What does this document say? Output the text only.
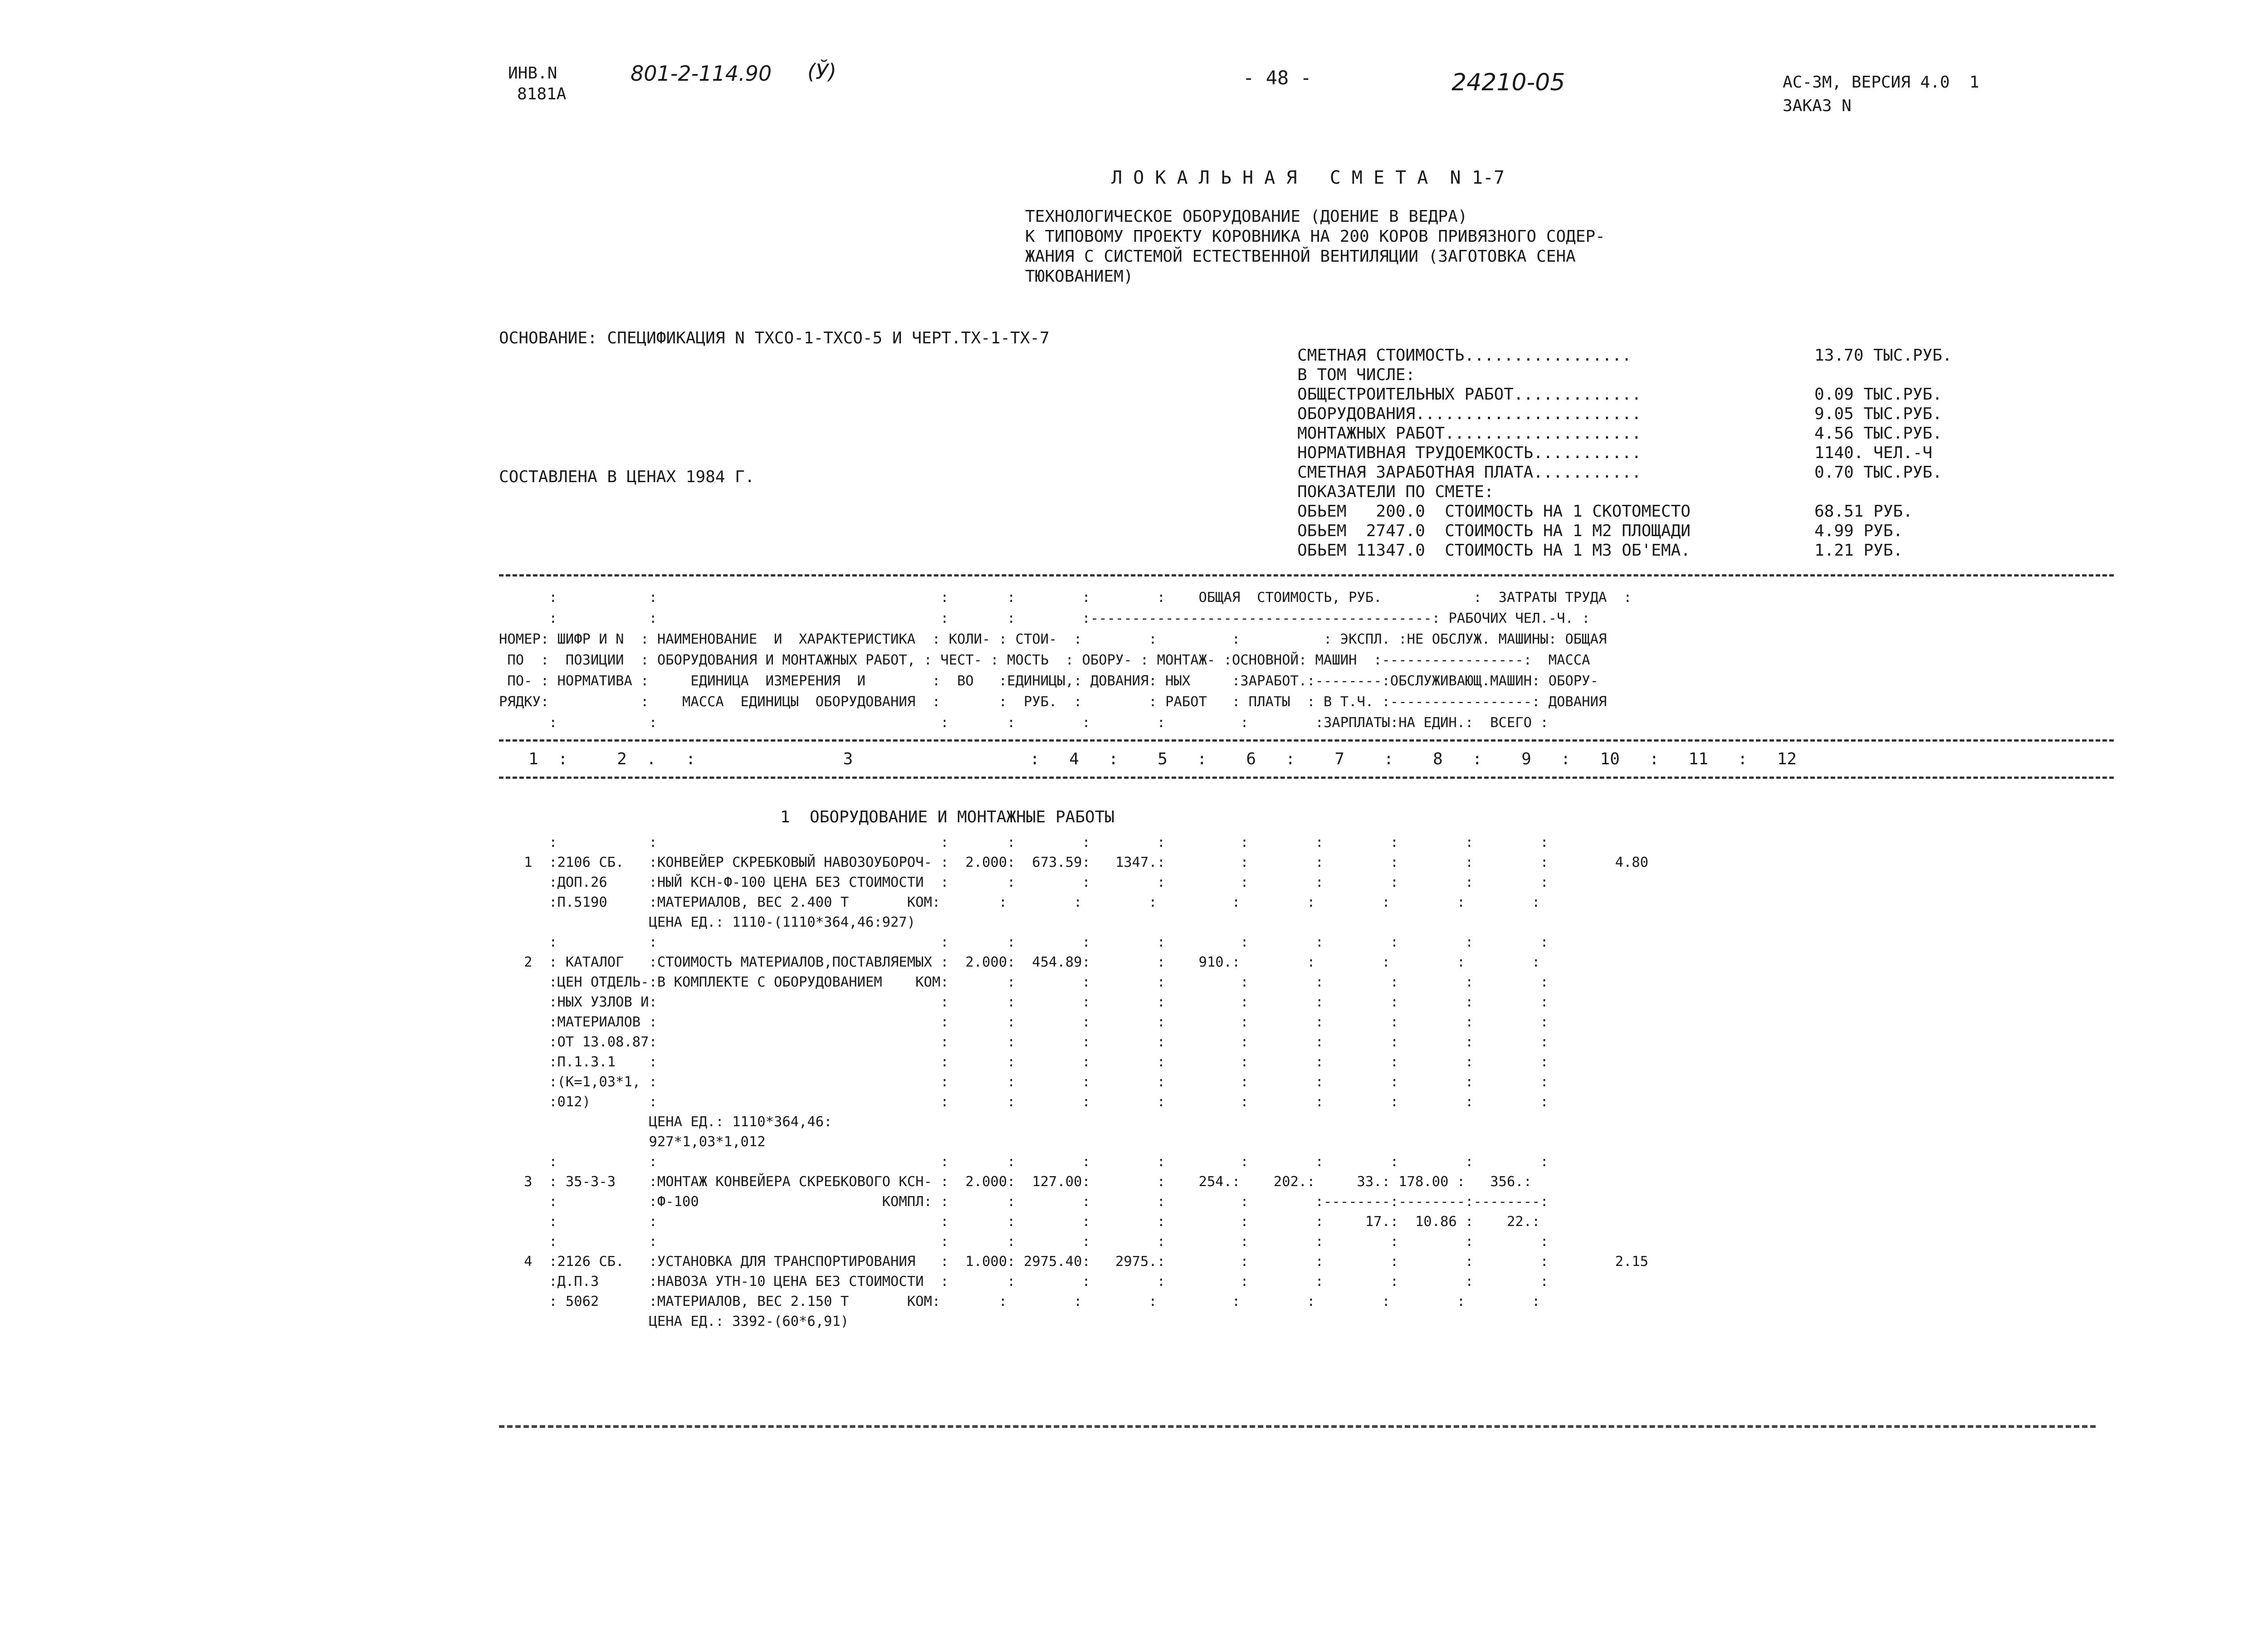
ИНВ.N
8181А
801-2-114.90 (Ў)	- 48 -	24210-05	АС-3М, ВЕРСИЯ 4.0  1
ЗАКАЗ N
Л О К А Л Ь Н А Я   С М Е Т А  N 1-7
ТЕХНОЛОГИЧЕСКОЕ ОБОРУДОВАНИЕ (ДОЕНИЕ В ВЕДРА)
К ТИПОВОМУ ПРОЕКТУ КОРОВНИКА НА 200 КОРОВ ПРИВЯЗНОГО СОДЕР-
ЖАНИЯ С СИСТЕМОЙ ЕСТЕСТВЕННОЙ ВЕНТИЛЯЦИИ (ЗАГОТОВКА СЕНА
ТЮКОВАНИЕМ)
ОСНОВАНИЕ: СПЕЦИФИКАЦИЯ N ТХСО-1-ТХСО-5 И ЧЕРТ.ТХ-1-ТХ-7
СОСТАВЛЕНА В ЦЕНАХ 1984 Г.
СМЕТНАЯ СТОИМОСТЬ.................	13.70 ТЫС.РУБ.
В ТОМ ЧИСЛЕ:
ОБЩЕСТРОИТЕЛЬНЫХ РАБОТ.............	0.09 ТЫС.РУБ.
ОБОРУДОВАНИЯ.......................	9.05 ТЫС.РУБ.
МОНТАЖНЫХ РАБОТ....................	4.56 ТЫС.РУБ.
НОРМАТИВНАЯ ТРУДОЕМКОСТЬ...........	1140. ЧЕЛ.-Ч
СМЕТНАЯ ЗАРАБОТНАЯ ПЛАТА...........	0.70 ТЫС.РУБ.
ПОКАЗАТЕЛИ ПО СМЕТЕ:
ОБЬЕМ   200.0  СТОИМОСТЬ НА 1 СКОТОМЕСТО	68.51 РУБ.
ОБЬЕМ  2747.0  СТОИМОСТЬ НА 1 М2 ПЛОЩАДИ	4.99 РУБ.
ОБЬЕМ 11347.0  СТОИМОСТЬ НА 1 М3 ОБ'ЕМА.	1.21 РУБ.
:           :                                  :       :        :        :    ОБЩАЯ  СТОИМОСТЬ, РУБ.           :  ЗАТРАТЫ ТРУДА  :
:           :                                  :       :        :-----------------------------------------: РАБОЧИХ ЧЕЛ.-Ч. :
НОМЕР: ШИФР И N  : НАИМЕНОВАНИЕ  И  ХАРАКТЕРИСТИКА  : КОЛИ- : СТОИ-  :        :         :          : ЭКСПЛ. :НЕ ОБСЛУЖ. МАШИНЫ: ОБЩАЯ
ПО  :  ПОЗИЦИИ  : ОБОРУДОВАНИЯ И МОНТАЖНЫХ РАБОТ, : ЧЕСТ- : МОСТЬ  : ОБОРУ- : МОНТАЖ- :ОСНОВНОЙ: МАШИН  :-----------------:  МАССА
ПО- : НОРМАТИВА :     ЕДИНИЦА  ИЗМЕРЕНИЯ  И        :  ВО   :ЕДИНИЦЫ,: ДОВАНИЯ: НЫХ     :ЗАРАБОТ.:--------:ОБСЛУЖИВАЮЩ.МАШИН: ОБОРУ-
РЯДКУ:           :    МАССА  ЕДИНИЦЫ  ОБОРУДОВАНИЯ  :       :  РУБ.  :        : РАБОТ   : ПЛАТЫ  : В Т.Ч. :-----------------: ДОВАНИЯ
:           :                                  :       :        :        :         :        :ЗАРПЛАТЫ:НА ЕДИН.:  ВСЕГО :
1  :     2  .   :               3                  :   4   :    5   :    6   :    7    :    8   :    9   :   10   :   11   :   12
1  ОБОРУДОВАНИЕ И МОНТАЖНЫЕ РАБОТЫ
:           :                                  :       :        :        :         :        :        :        :        :
1  :2106 СБ.   :КОНВЕЙЕР СКРЕБКОВЫЙ НАВОЗОУБОРОЧ- :  2.000:  673.59:   1347.:         :        :        :        :        :        4.80
:ДОП.26     :НЫЙ КСН-Ф-100 ЦЕНА БЕЗ СТОИМОСТИ  :       :        :        :         :        :        :        :        :
:П.5190     :МАТЕРИАЛОВ, ВЕС 2.400 Т       КОМ:       :        :        :         :        :        :        :        :
ЦЕНА ЕД.: 1110-(1110*364,46:927)
:           :                                  :       :        :        :         :        :        :        :        :
2  : КАТАЛОГ   :СТОИМОСТЬ МАТЕРИАЛОВ,ПОСТАВЛЯЕМЫХ :  2.000:  454.89:        :    910.:        :        :        :        :
:ЦЕН ОТДЕЛЬ-:В КОМПЛЕКТЕ С ОБОРУДОВАНИЕМ    КОМ:       :        :        :         :        :        :        :        :
:НЫХ УЗЛОВ И:                                  :       :        :        :         :        :        :        :        :
:МАТЕРИАЛОВ :                                  :       :        :        :         :        :        :        :        :
:ОТ 13.08.87:                                  :       :        :        :         :        :        :        :        :
:П.1.3.1    :                                  :       :        :        :         :        :        :        :        :
:(К=1,03*1, :                                  :       :        :        :         :        :        :        :        :
:012)       :                                  :       :        :        :         :        :        :        :        :
ЦЕНА ЕД.: 1110*364,46:
927*1,03*1,012
:           :                                  :       :        :        :         :        :        :        :        :
3  : 35-3-3    :МОНТАЖ КОНВЕЙЕРА СКРЕБКОВОГО КСН- :  2.000:  127.00:        :    254.:    202.:     33.: 178.00 :   356.:
:           :Ф-100                      КОМПЛ: :       :        :        :         :        :--------:--------:--------:
:           :                                  :       :        :        :         :        :     17.:  10.86 :    22.:
:           :                                  :       :        :        :         :        :        :        :        :
4  :2126 СБ.   :УСТАНОВКА ДЛЯ ТРАНСПОРТИРОВАНИЯ   :  1.000: 2975.40:   2975.:         :        :        :        :        :        2.15
:Д.П.3      :НАВОЗА УТН-10 ЦЕНА БЕЗ СТОИМОСТИ  :       :        :        :         :        :        :        :        :
: 5062      :МАТЕРИАЛОВ, ВЕС 2.150 Т       КОМ:       :        :        :         :        :        :        :        :
ЦЕНА ЕД.: 3392-(60*6,91)
